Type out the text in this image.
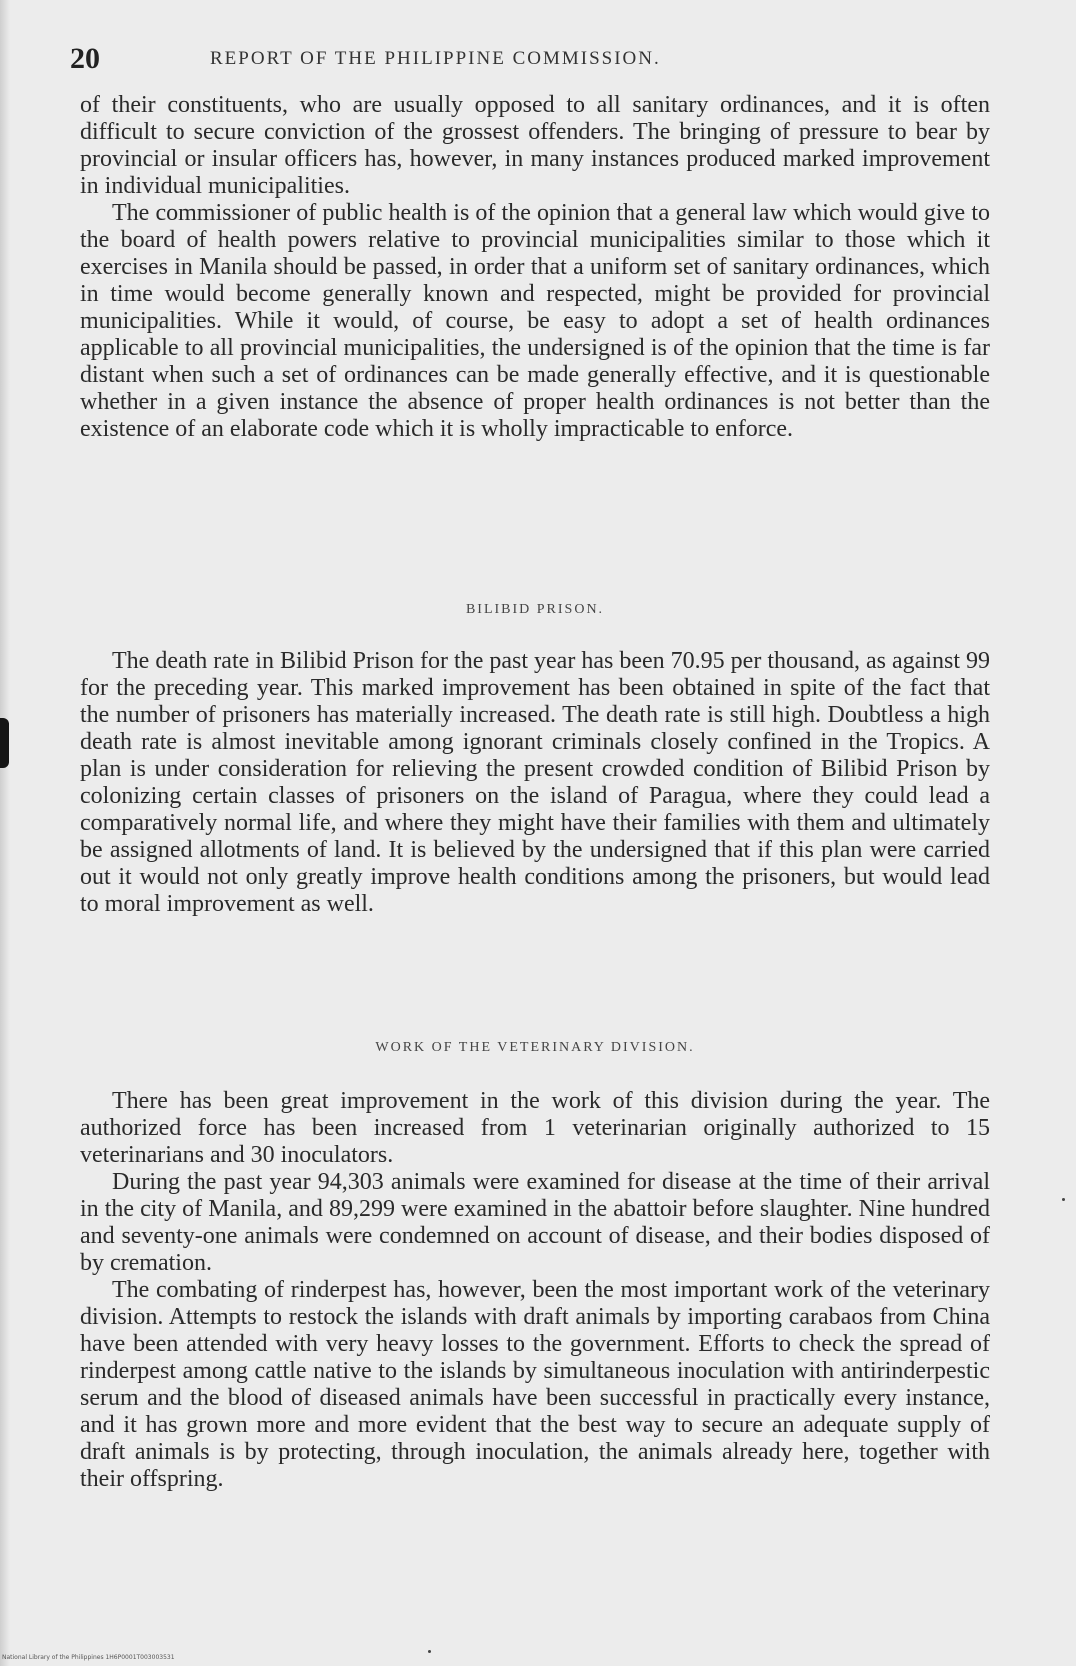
20	REPORT OF THE PHILIPPINE COMMISSION.

of their constituents, who are usually opposed to all sanitary ordinances, and it is often difficult to secure conviction of the grossest offenders. The bringing of pressure to bear by provincial or insular officers has, however, in many instances produced marked improvement in individual municipalities.

The commissioner of public health is of the opinion that a general law which would give to the board of health powers relative to provincial municipalities similar to those which it exercises in Manila should be passed, in order that a uniform set of sanitary ordinances, which in time would become generally known and respected, might be provided for provincial municipalities. While it would, of course, be easy to adopt a set of health ordinances applicable to all provincial municipalities, the undersigned is of the opinion that the time is far distant when such a set of ordinances can be made generally effective, and it is questionable whether in a given instance the absence of proper health ordinances is not better than the existence of an elaborate code which it is wholly impracticable to enforce.

BILIBID PRISON.

The death rate in Bilibid Prison for the past year has been 70.95 per thousand, as against 99 for the preceding year. This marked improvement has been obtained in spite of the fact that the number of prisoners has materially increased. The death rate is still high. Doubtless a high death rate is almost inevitable among ignorant criminals closely confined in the Tropics. A plan is under consideration for relieving the present crowded condition of Bilibid Prison by colonizing certain classes of prisoners on the island of Paragua, where they could lead a comparatively normal life, and where they might have their families with them and ultimately be assigned allotments of land. It is believed by the undersigned that if this plan were carried out it would not only greatly improve health conditions among the prisoners, but would lead to moral improvement as well.

WORK OF THE VETERINARY DIVISION.

There has been great improvement in the work of this division during the year. The authorized force has been increased from 1 veterinarian originally authorized to 15 veterinarians and 30 inoculators.

During the past year 94,303 animals were examined for disease at the time of their arrival in the city of Manila, and 89,299 were examined in the abattoir before slaughter. Nine hundred and seventy-one animals were condemned on account of disease, and their bodies disposed of by cremation.

The combating of rinderpest has, however, been the most important work of the veterinary division. Attempts to restock the islands with draft animals by importing carabaos from China have been attended with very heavy losses to the government. Efforts to check the spread of rinderpest among cattle native to the islands by simultaneous inoculation with antirinderpestic serum and the blood of diseased animals have been successful in practically every instance, and it has grown more and more evident that the best way to secure an adequate supply of draft animals is by protecting, through inoculation, the animals already here, together with their offspring.

National Library of the Philippines 1H6P0001T003003531
